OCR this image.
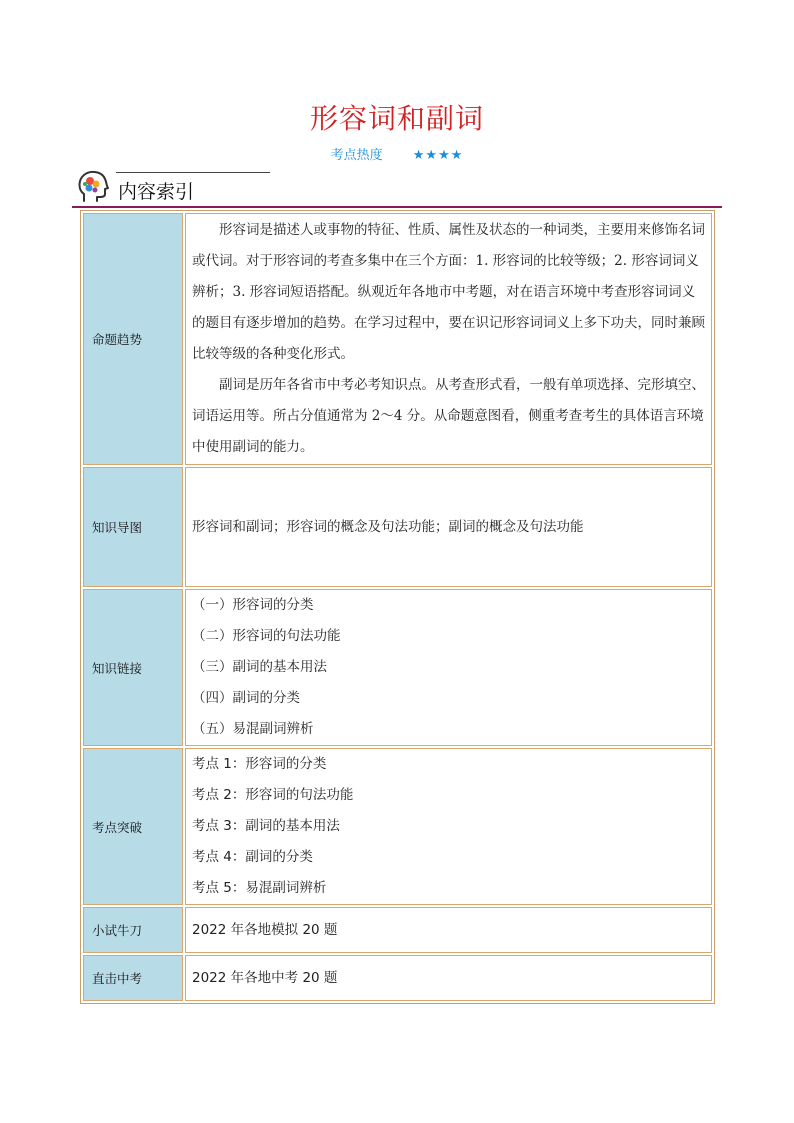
形容词和副词
考点热度 ★★★★
内容索引
命题趋势	形容词是描述人或事物的特征、性质、属性及状态的一种词类，主要用来修饰名词或代词。对于形容词的考查多集中在三个方面：1. 形容词的比较等级；2. 形容词词义辨析；3. 形容词短语搭配。纵观近年各地市中考题，对在语言环境中考查形容词词义的题目有逐步增加的趋势。在学习过程中，要在识记形容词词义上多下功夫，同时兼顾比较等级的各种变化形式。

副词是历年各省市中考必考知识点。从考查形式看，一般有单项选择、完形填空、词语运用等。所占分值通常为 2～4 分。从命题意图看，侧重考查考生的具体语言环境中使用副词的能力。

知识导图	形容词和副词；形容词的概念及句法功能；副词的概念及句法功能
知识链接	（一）形容词的分类

（二）形容词的句法功能

（三）副词的基本用法

（四）副词的分类

（五）易混副词辨析

考点突破	考点 1：形容词的分类

考点 2：形容词的句法功能

考点 3：副词的基本用法

考点 4：副词的分类

考点 5：易混副词辨析

小试牛刀	2022 年各地模拟 20 题
直击中考	2022 年各地中考 20 题
